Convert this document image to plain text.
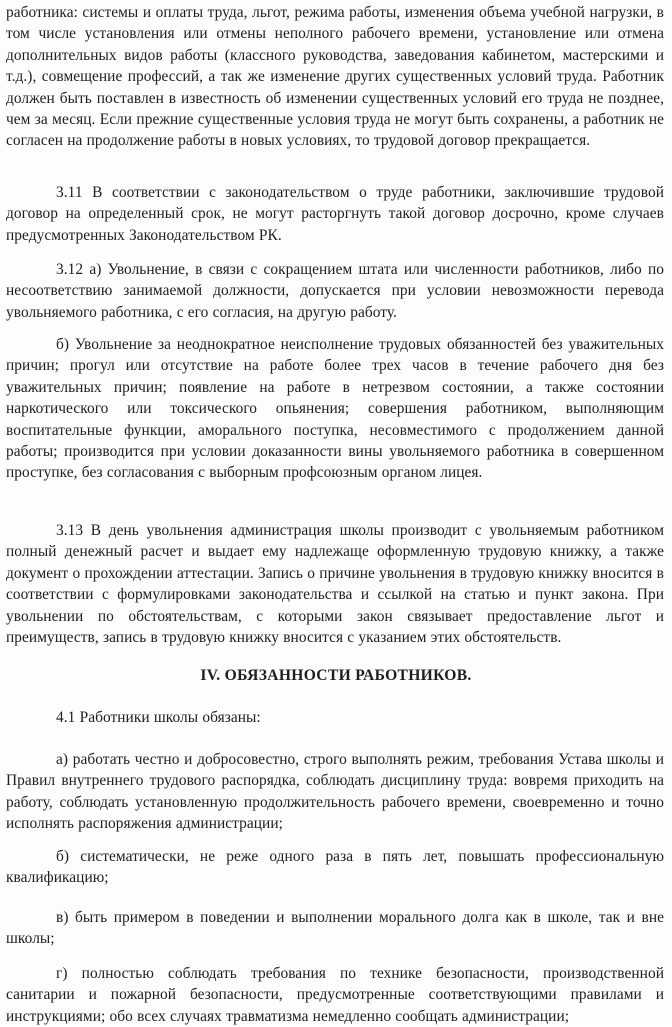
работника: системы и оплаты труда, льгот, режима работы, изменения объема учебной нагрузки, в том числе установления или отмены неполного рабочего времени, установление или отмена дополнительных видов работы (классного руководства, заведования кабинетом, мастерскими и т.д.), совмещение профессий, а так же изменение других существенных условий труда. Работник должен быть поставлен в известность об изменении существенных условий его труда не позднее, чем за месяц. Если прежние существенные условия труда не могут быть сохранены, а работник не согласен на продолжение работы в новых условиях, то трудовой договор прекращается.

3.11 В соответствии с законодательством о труде работники, заключившие трудовой договор на определенный срок, не могут расторгнуть такой договор досрочно, кроме случаев предусмотренных Законодательством РК.

3.12 а) Увольнение, в связи с сокращением штата или численности работников, либо по несоответствию занимаемой должности, допускается при условии невозможности перевода увольняемого работника, с его согласия, на другую работу.

б) Увольнение за неоднократное неисполнение трудовых обязанностей без уважительных причин; прогул или отсутствие на работе более трех часов в течение рабочего дня без уважительных причин; появление на работе в нетрезвом состоянии, а также состоянии наркотического или токсического опьянения; совершения работником, выполняющим воспитательные функции, аморального поступка, несовместимого с продолжением данной работы; производится при условии доказанности вины увольняемого работника в совершенном проступке, без согласования с выборным профсоюзным органом лицея.

3.13 В день увольнения администрация школы производит с увольняемым работником полный денежный расчет и выдает ему надлежаще оформленную трудовую книжку, а также документ о прохождении аттестации. Запись о причине увольнения в трудовую книжку вносится в соответствии с формулировками законодательства и ссылкой на статью и пункт закона. При увольнении по обстоятельствам, с которыми закон связывает предоставление льгот и преимуществ, запись в трудовую книжку вносится с указанием этих обстоятельств.

IV. ОБЯЗАННОСТИ РАБОТНИКОВ.

4.1 Работники школы обязаны:

а) работать честно и добросовестно, строго выполнять режим, требования Устава школы и Правил внутреннего трудового распорядка, соблюдать дисциплину труда: вовремя приходить на работу, соблюдать установленную продолжительность рабочего времени, своевременно и точно исполнять распоряжения администрации;

б) систематически, не реже одного раза в пять лет, повышать профессиональную квалификацию;

в) быть примером в поведении и выполнении морального долга как в школе, так и вне школы;

г) полностью соблюдать требования по технике безопасности, производственной санитарии и пожарной безопасности, предусмотренные соответствующими правилами и инструкциями; обо всех случаях травматизма немедленно сообщать администрации;
